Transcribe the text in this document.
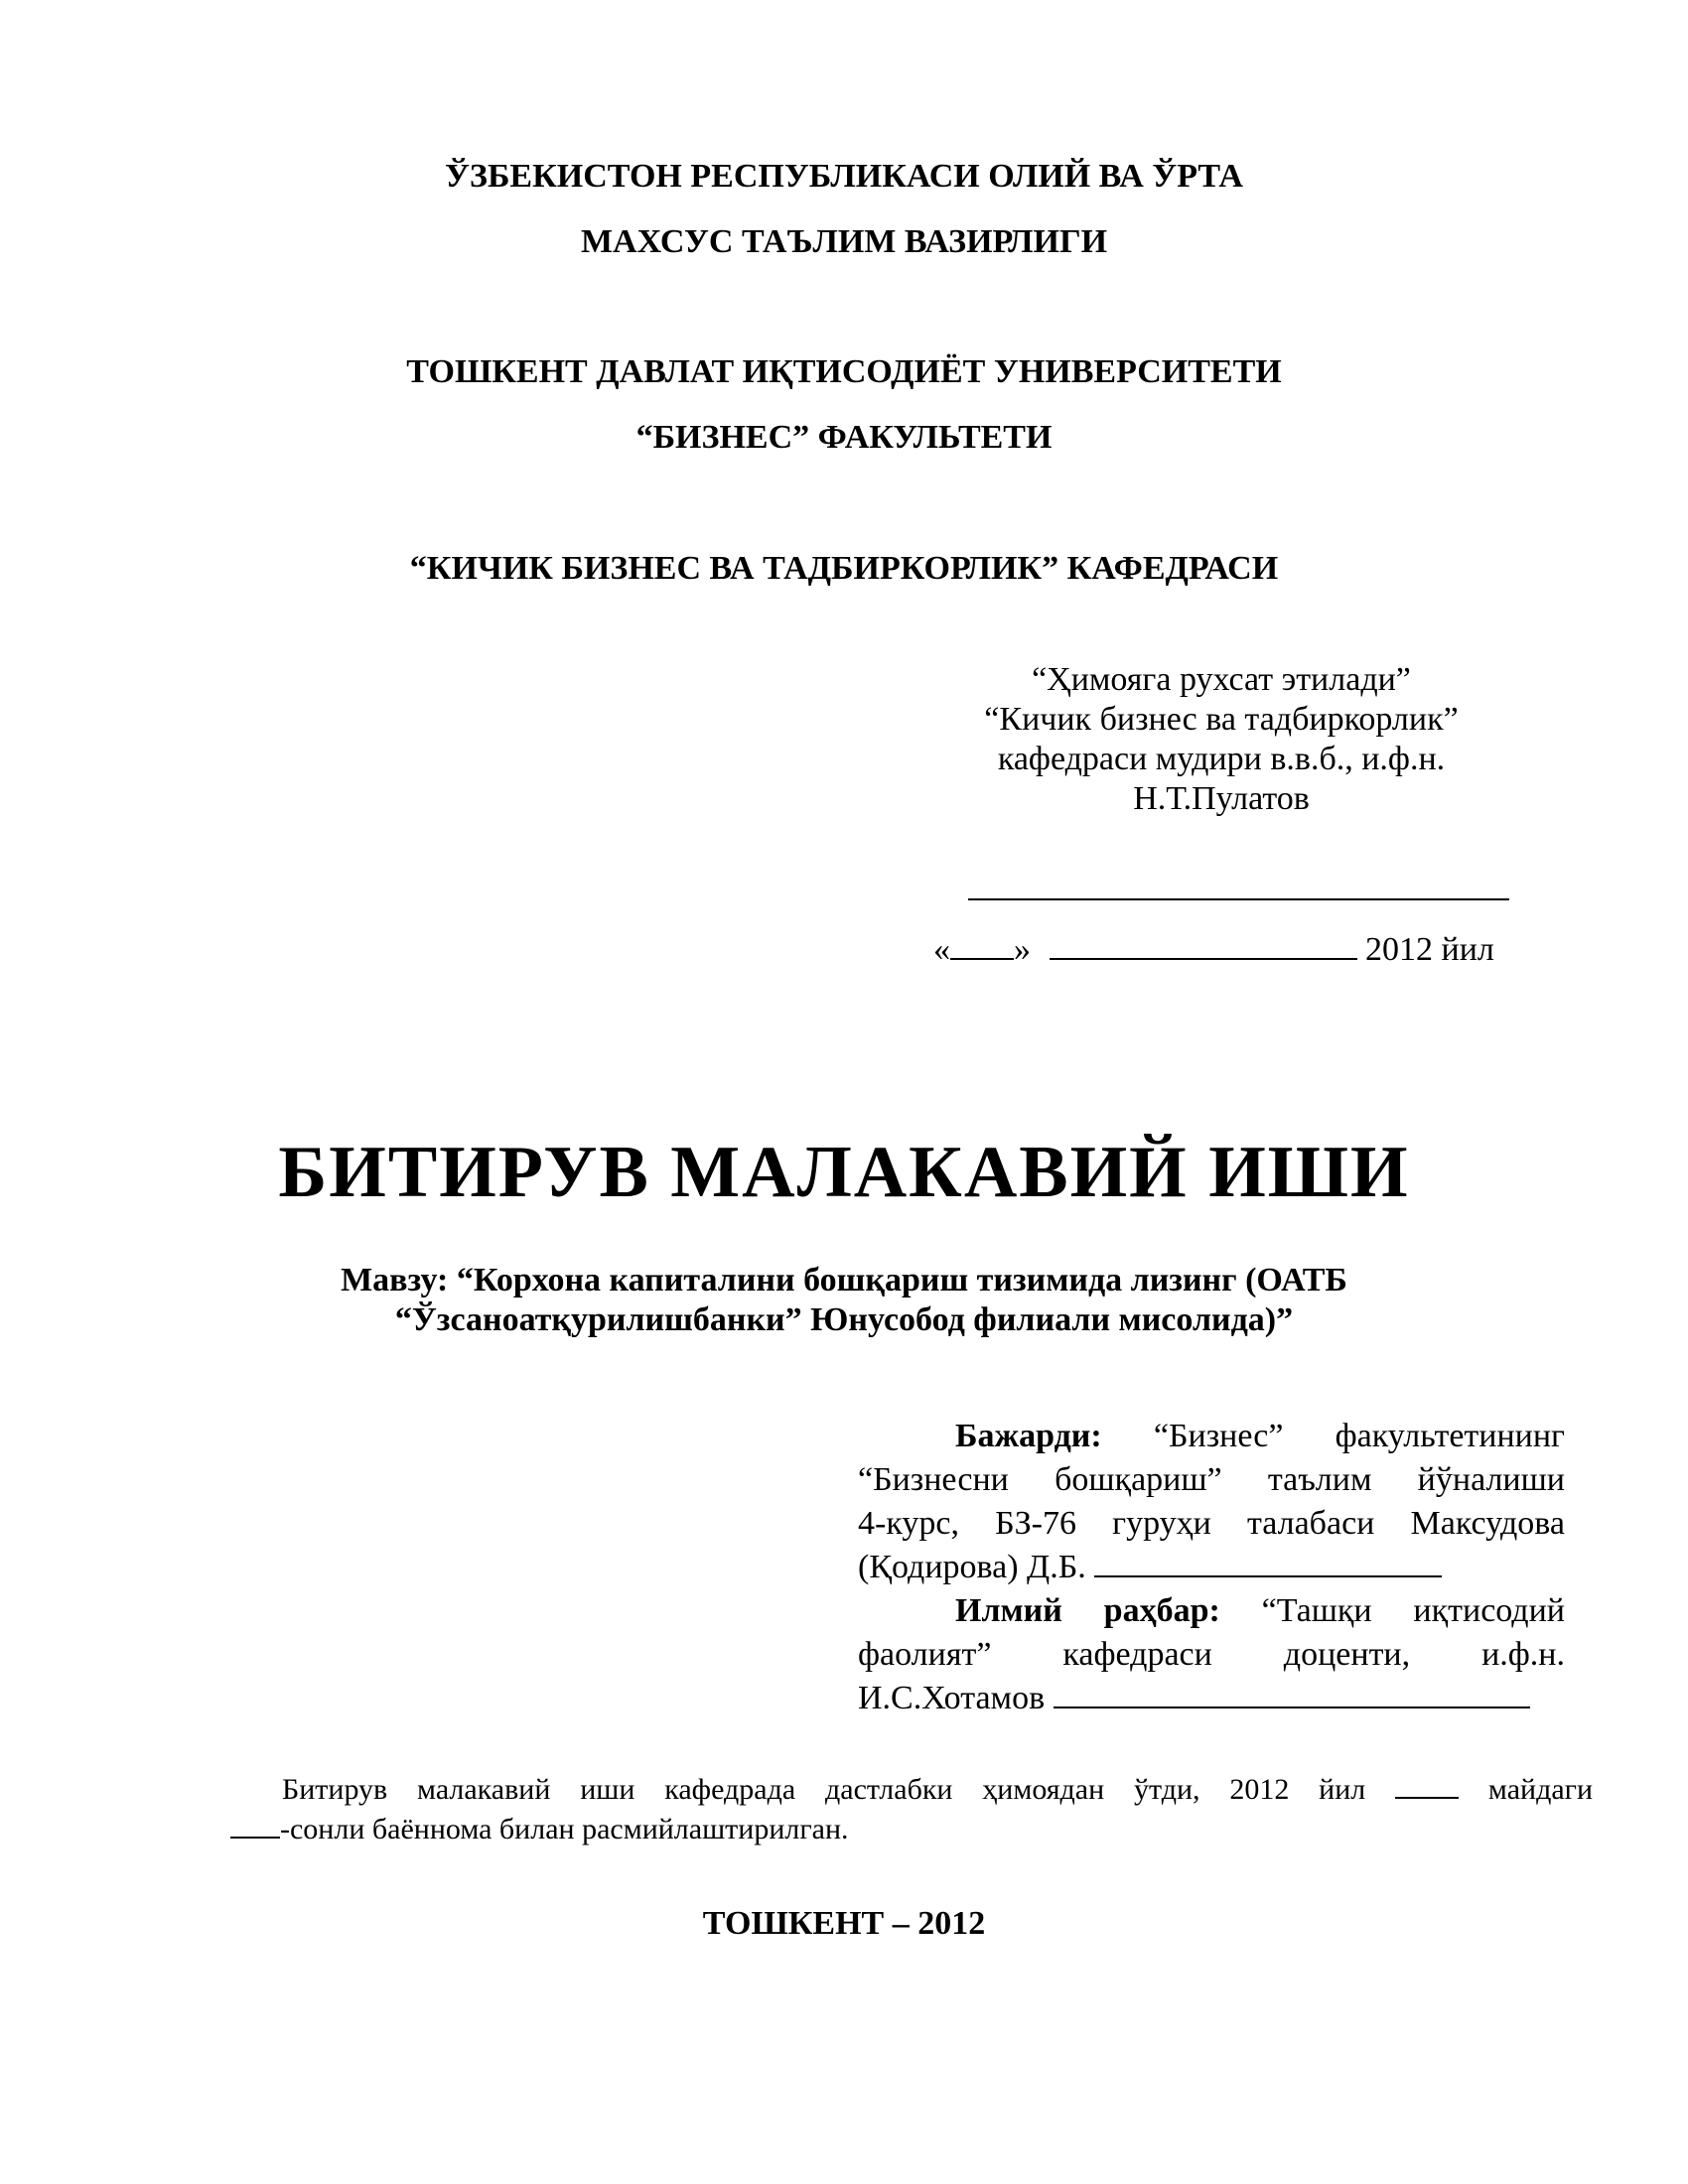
ЎЗБЕКИСТОН РЕСПУБЛИКАСИ ОЛИЙ ВА ЎРТА
МАХСУС ТАЪЛИМ ВАЗИРЛИГИ
ТОШКЕНТ ДАВЛАТ ИҚТИСОДИЁТ УНИВЕРСИТЕТИ
“БИЗНЕС” ФАКУЛЬТЕТИ
“КИЧИК БИЗНЕС ВА ТАДБИРКОРЛИК” КАФЕДРАСИ
“Ҳимояга рухсат этилади”
“Кичик бизнес ва тадбиркорлик”
кафедраси мудири в.в.б., и.ф.н.
Н.Т.Пулатов
« »	2012 йил
БИТИРУВ МАЛАКАВИЙ ИШИ
Мавзу: “Корхона капиталини бошқариш тизимида лизинг (ОАТБ
“Ўзсаноатқурилишбанки” Юнусобод филиали мисолида)”
Бажарди: “Бизнес” факультетининг
“Бизнесни бошқариш” таълим йўналиши
4-курс, БЗ-76 гуруҳи талабаси Максудова
(Қодирова) Д.Б.
Илмий раҳбар: “Ташқи иқтисодий
фаолият” кафедраси доценти, и.ф.н.
И.С.Хотамов
Битирув малакавий иши кафедрада дастлабки ҳимоядан ўтди, 2012 йил	майдаги
-сонли баённома билан расмийлаштирилган.
ТОШКЕНТ – 2012
